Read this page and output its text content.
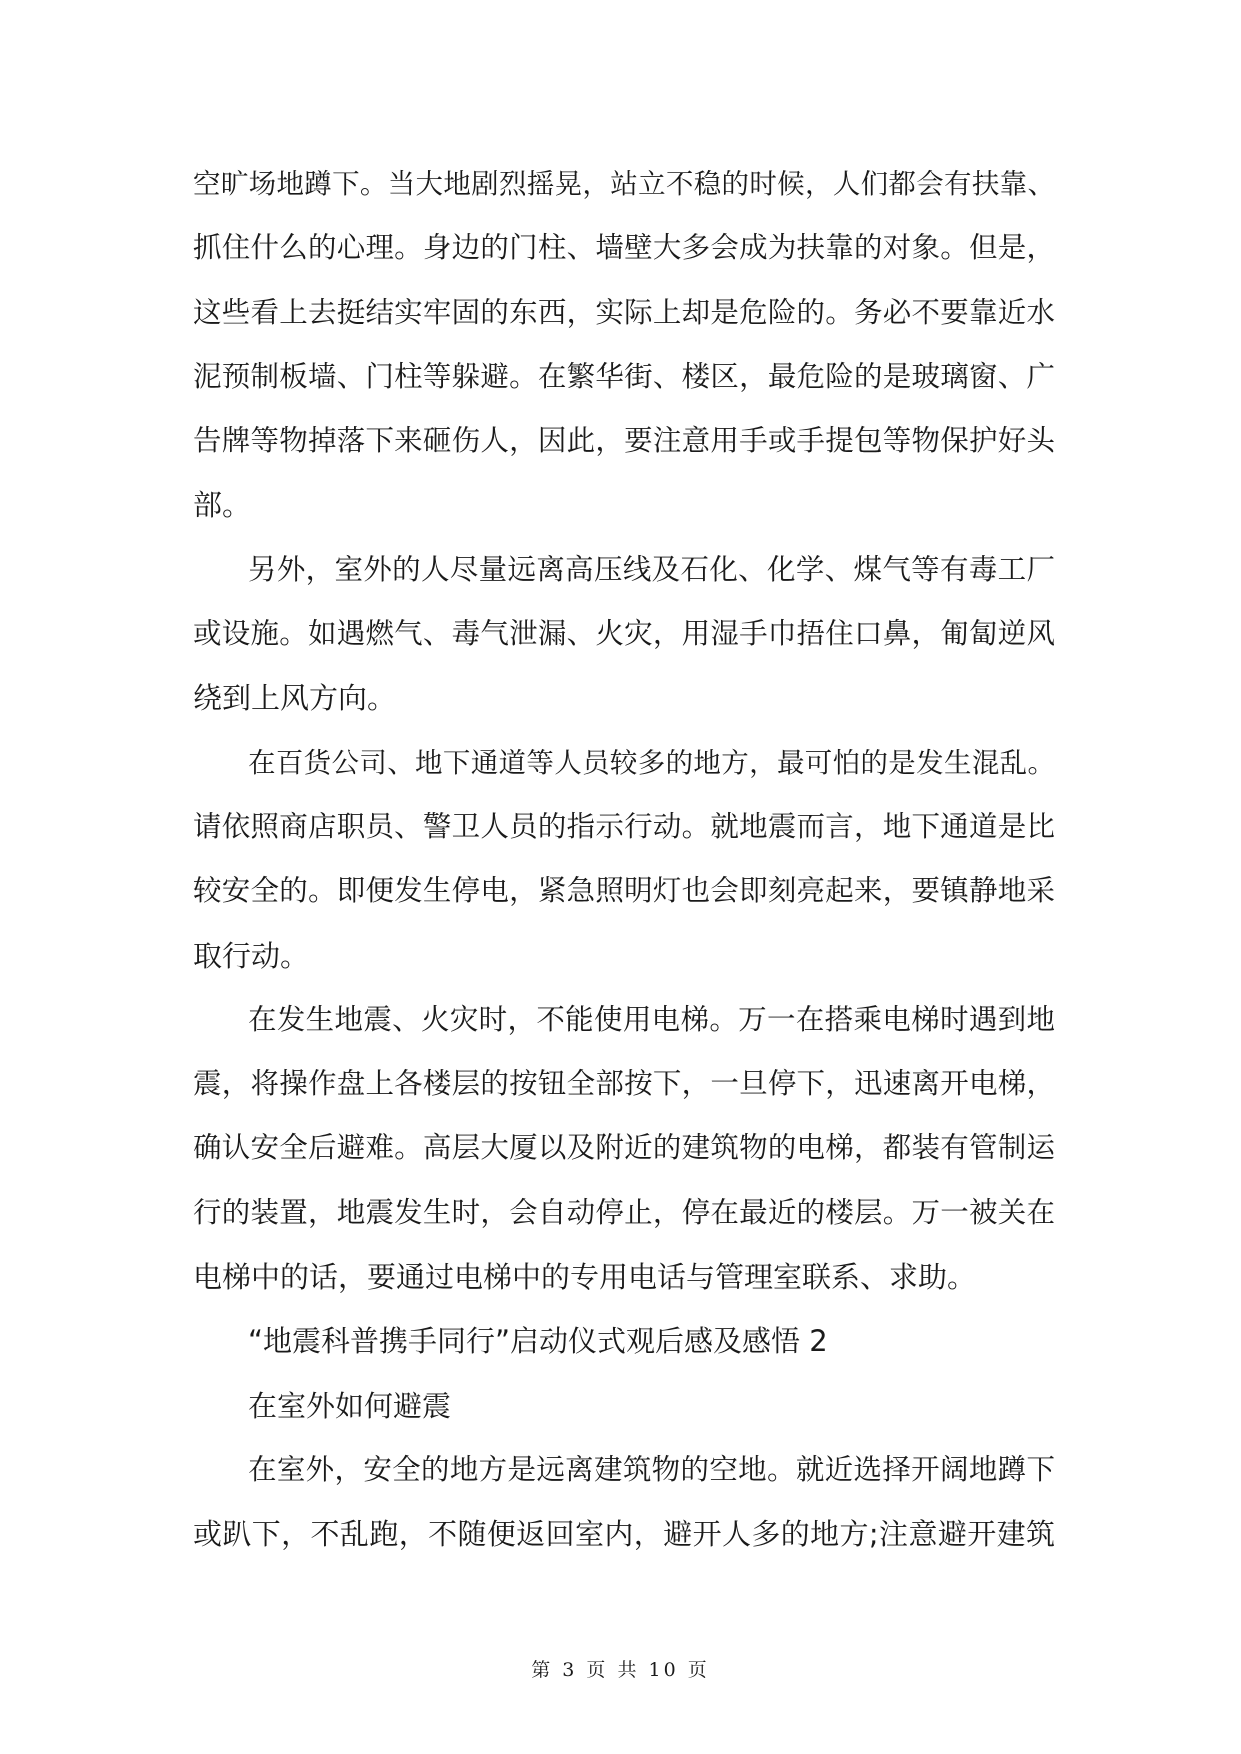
空旷场地蹲下。当大地剧烈摇晃，站立不稳的时候，人们都会有扶靠、
抓住什么的心理。身边的门柱、墙壁大多会成为扶靠的对象。但是，
这些看上去挺结实牢固的东西，实际上却是危险的。务必不要靠近水
泥预制板墙、门柱等躲避。在繁华街、楼区，最危险的是玻璃窗、广
告牌等物掉落下来砸伤人，因此，要注意用手或手提包等物保护好头
部。
另外，室外的人尽量远离高压线及石化、化学、煤气等有毒工厂
或设施。如遇燃气、毒气泄漏、火灾，用湿手巾捂住口鼻，匍匐逆风
绕到上风方向。
在百货公司、地下通道等人员较多的地方，最可怕的是发生混乱。
请依照商店职员、警卫人员的指示行动。就地震而言，地下通道是比
较安全的。即便发生停电，紧急照明灯也会即刻亮起来，要镇静地采
取行动。
在发生地震、火灾时，不能使用电梯。万一在搭乘电梯时遇到地
震，将操作盘上各楼层的按钮全部按下，一旦停下，迅速离开电梯，
确认安全后避难。高层大厦以及附近的建筑物的电梯，都装有管制运
行的装置，地震发生时，会自动停止，停在最近的楼层。万一被关在
电梯中的话，要通过电梯中的专用电话与管理室联系、求助。
“地震科普携手同行”启动仪式观后感及感悟 2
在室外如何避震
在室外，安全的地方是远离建筑物的空地。就近选择开阔地蹲下
或趴下，不乱跑，不随便返回室内，避开人多的地方;注意避开建筑
第 3 页 共 10 页
